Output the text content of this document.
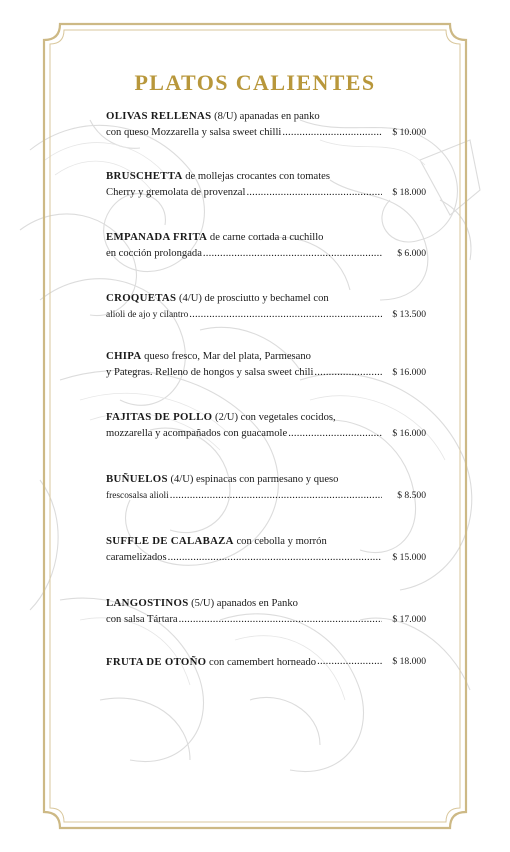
PLATOS CALIENTES
OLIVAS RELLENAS (8/U) apanadas en panko
con queso Mozzarella y salsa sweet chilli .....	$ 10.000
BRUSCHETTA de mollejas crocantes con tomates
Cherry y gremolata de provenzal .....	$ 18.000
EMPANADA FRITA de carne cortada a cuchillo
en cocción prolongada .....	$ 6.000
CROQUETAS (4/U) de prosciutto y bechamel con
alioli de ajo y cilantro .....	$ 13.500
CHIPA queso fresco, Mar del plata, Parmesano
y Pategras. Relleno de hongos y salsa sweet chili .....	$ 16.000
FAJITAS DE POLLO (2/U) con vegetales cocidos,
mozzarella y acompañados con guacamole .....	$ 16.000
BUÑUELOS (4/U) espinacas con parmesano y queso
frescosalsa alioli .....	$ 8.500
SUFFLE DE CALABAZA con cebolla y morrón
caramelizados .....	$ 15.000
LANGOSTINOS (5/U) apanados en Panko
con salsa Tártara .....	$ 17.000
FRUTA DE OTOÑO con camembert horneado .....	$ 18.000
